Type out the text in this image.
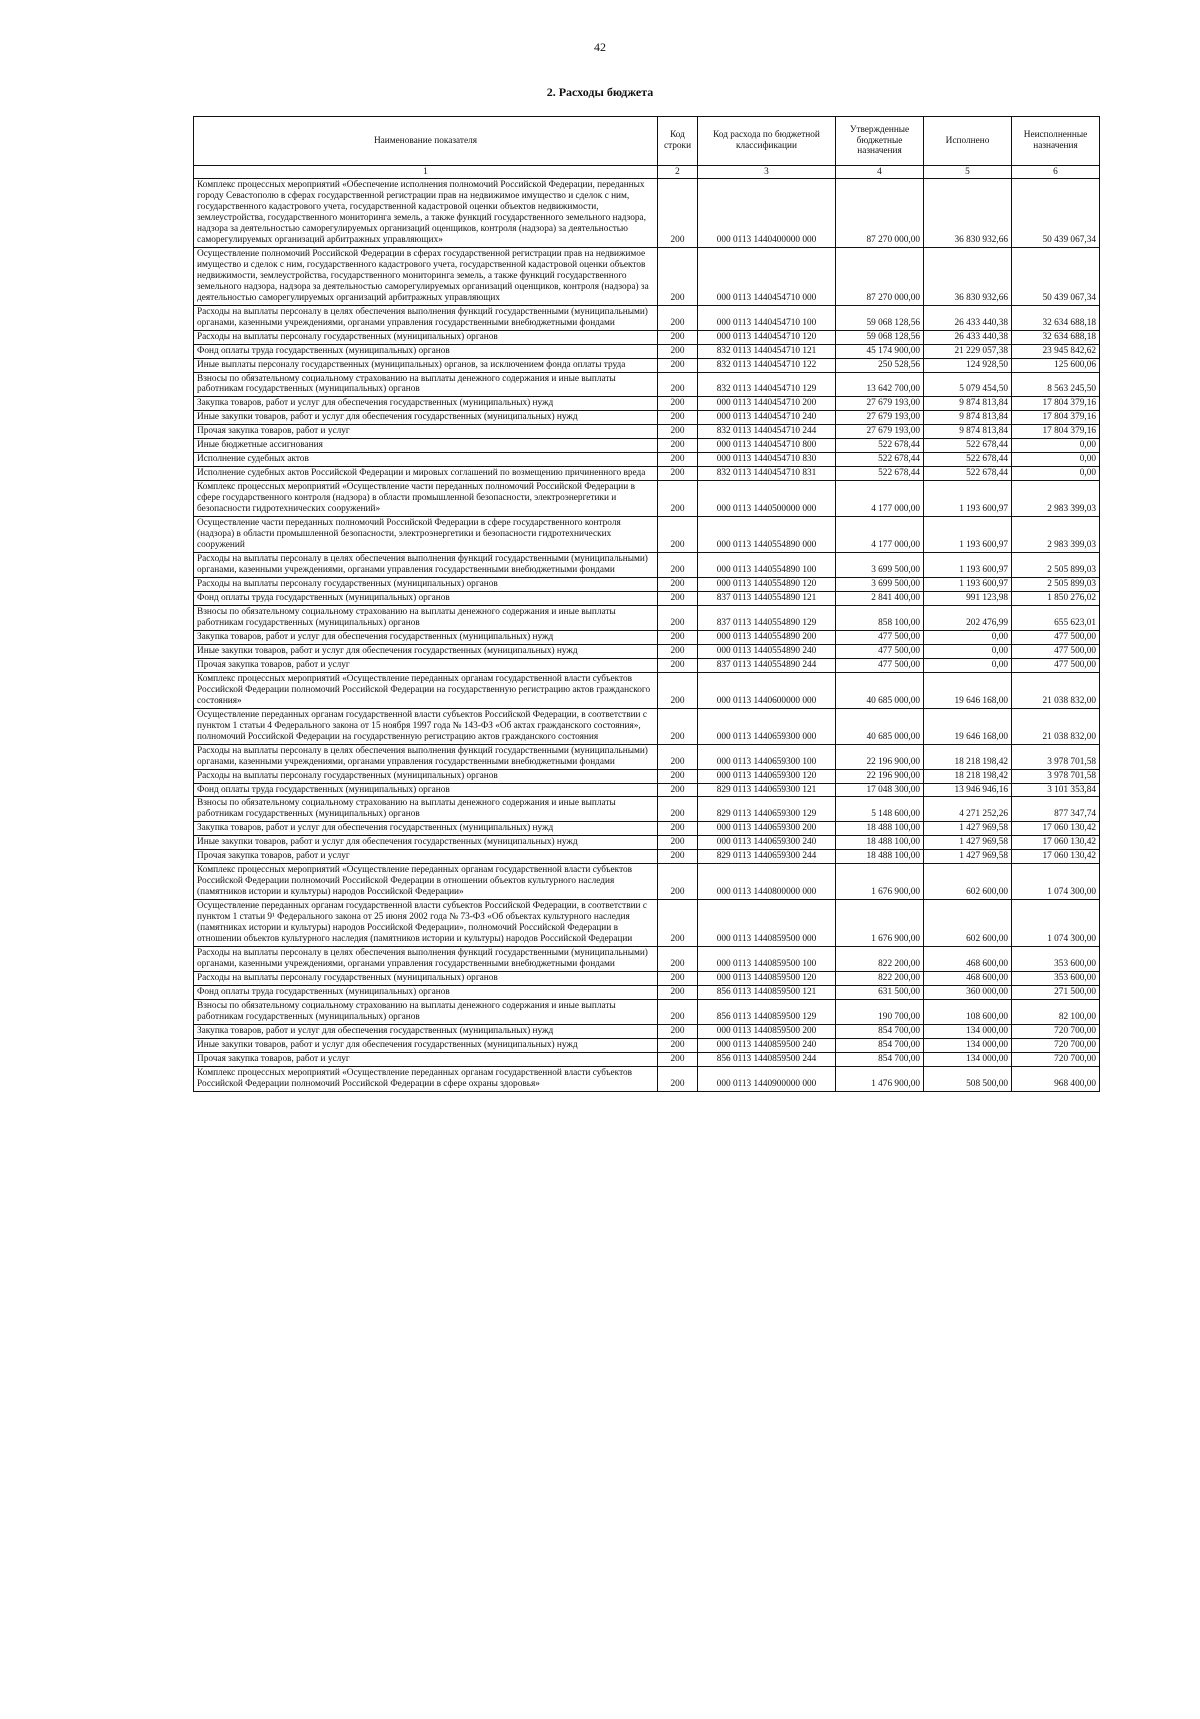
42
2. Расходы бюджета
Наименование показателя	Код строки	Код расхода по бюджетной классификации	Утвержденные бюджетные назначения	Исполнено	Неисполненные назначения
1	2	3	4	5	6
Комплекс процессных мероприятий «Обеспечение исполнения полномочий Российской Федерации, переданных городу Севастополю в сферах государственной регистрации прав на недвижимое имущество и сделок с ним, государственного кадастрового учета, государственной кадастровой оценки объектов недвижимости, землеустройства, государственного мониторинга земель, а также функций государственного земельного надзора, надзора за деятельностью саморегулируемых организаций оценщиков, контроля (надзора) за деятельностью саморегулируемых организаций арбитражных управляющих»	200	000 0113 1440400000 000	87 270 000,00	36 830 932,66	50 439 067,34
Осуществление полномочий Российской Федерации в сферах государственной регистрации прав на недвижимое имущество и сделок с ним, государственного кадастрового учета, государственной кадастровой оценки объектов недвижимости, землеустройства, государственного мониторинга земель, а также функций государственного земельного надзора, надзора за деятельностью саморегулируемых организаций оценщиков, контроля (надзора) за деятельностью саморегулируемых организаций арбитражных управляющих	200	000 0113 1440454710 000	87 270 000,00	36 830 932,66	50 439 067,34
Расходы на выплаты персоналу в целях обеспечения выполнения функций государственными (муниципальными) органами, казенными учреждениями, органами управления государственными внебюджетными фондами	200	000 0113 1440454710 100	59 068 128,56	26 433 440,38	32 634 688,18
Расходы на выплаты персоналу государственных (муниципальных) органов	200	000 0113 1440454710 120	59 068 128,56	26 433 440,38	32 634 688,18
Фонд оплаты труда государственных (муниципальных) органов	200	832 0113 1440454710 121	45 174 900,00	21 229 057,38	23 945 842,62
Иные выплаты персоналу государственных (муниципальных) органов, за исключением фонда оплаты труда	200	832 0113 1440454710 122	250 528,56	124 928,50	125 600,06
Взносы по обязательному социальному страхованию на выплаты денежного содержания и иные выплаты работникам государственных (муниципальных) органов	200	832 0113 1440454710 129	13 642 700,00	5 079 454,50	8 563 245,50
Закупка товаров, работ и услуг для обеспечения государственных (муниципальных) нужд	200	000 0113 1440454710 200	27 679 193,00	9 874 813,84	17 804 379,16
Иные закупки товаров, работ и услуг для обеспечения государственных (муниципальных) нужд	200	000 0113 1440454710 240	27 679 193,00	9 874 813,84	17 804 379,16
Прочая закупка товаров, работ и услуг	200	832 0113 1440454710 244	27 679 193,00	9 874 813,84	17 804 379,16
Иные бюджетные ассигнования	200	000 0113 1440454710 800	522 678,44	522 678,44	0,00
Исполнение судебных актов	200	000 0113 1440454710 830	522 678,44	522 678,44	0,00
Исполнение судебных актов Российской Федерации и мировых соглашений по возмещению причиненного вреда	200	832 0113 1440454710 831	522 678,44	522 678,44	0,00
Комплекс процессных мероприятий «Осуществление части переданных полномочий Российской Федерации в сфере государственного контроля (надзора) в области промышленной безопасности, электроэнергетики и безопасности гидротехнических сооружений»	200	000 0113 1440500000 000	4 177 000,00	1 193 600,97	2 983 399,03
Осуществление части переданных полномочий Российской Федерации в сфере государственного контроля (надзора) в области промышленной безопасности, электроэнергетики и безопасности гидротехнических сооружений	200	000 0113 1440554890 000	4 177 000,00	1 193 600,97	2 983 399,03
Расходы на выплаты персоналу в целях обеспечения выполнения функций государственными (муниципальными) органами, казенными учреждениями, органами управления государственными внебюджетными фондами	200	000 0113 1440554890 100	3 699 500,00	1 193 600,97	2 505 899,03
Расходы на выплаты персоналу государственных (муниципальных) органов	200	000 0113 1440554890 120	3 699 500,00	1 193 600,97	2 505 899,03
Фонд оплаты труда государственных (муниципальных) органов	200	837 0113 1440554890 121	2 841 400,00	991 123,98	1 850 276,02
Взносы по обязательному социальному страхованию на выплаты денежного содержания и иные выплаты работникам государственных (муниципальных) органов	200	837 0113 1440554890 129	858 100,00	202 476,99	655 623,01
Закупка товаров, работ и услуг для обеспечения государственных (муниципальных) нужд	200	000 0113 1440554890 200	477 500,00	0,00	477 500,00
Иные закупки товаров, работ и услуг для обеспечения государственных (муниципальных) нужд	200	000 0113 1440554890 240	477 500,00	0,00	477 500,00
Прочая закупка товаров, работ и услуг	200	837 0113 1440554890 244	477 500,00	0,00	477 500,00
Комплекс процессных мероприятий «Осуществление переданных органам государственной власти субъектов Российской Федерации полномочий Российской Федерации на государственную регистрацию актов гражданского состояния»	200	000 0113 1440600000 000	40 685 000,00	19 646 168,00	21 038 832,00
Осуществление переданных органам государственной власти субъектов Российской Федерации, в соответствии с пунктом 1 статьи 4 Федерального закона от 15 ноября 1997 года № 143-ФЗ «Об актах гражданского состояния», полномочий Российской Федерации на государственную регистрацию актов гражданского состояния	200	000 0113 1440659300 000	40 685 000,00	19 646 168,00	21 038 832,00
Расходы на выплаты персоналу в целях обеспечения выполнения функций государственными (муниципальными) органами, казенными учреждениями, органами управления государственными внебюджетными фондами	200	000 0113 1440659300 100	22 196 900,00	18 218 198,42	3 978 701,58
Расходы на выплаты персоналу государственных (муниципальных) органов	200	000 0113 1440659300 120	22 196 900,00	18 218 198,42	3 978 701,58
Фонд оплаты труда государственных (муниципальных) органов	200	829 0113 1440659300 121	17 048 300,00	13 946 946,16	3 101 353,84
Взносы по обязательному социальному страхованию на выплаты денежного содержания и иные выплаты работникам государственных (муниципальных) органов	200	829 0113 1440659300 129	5 148 600,00	4 271 252,26	877 347,74
Закупка товаров, работ и услуг для обеспечения государственных (муниципальных) нужд	200	000 0113 1440659300 200	18 488 100,00	1 427 969,58	17 060 130,42
Иные закупки товаров, работ и услуг для обеспечения государственных (муниципальных) нужд	200	000 0113 1440659300 240	18 488 100,00	1 427 969,58	17 060 130,42
Прочая закупка товаров, работ и услуг	200	829 0113 1440659300 244	18 488 100,00	1 427 969,58	17 060 130,42
Комплекс процессных мероприятий «Осуществление переданных органам государственной власти субъектов Российской Федерации полномочий Российской Федерации в отношении объектов культурного наследия (памятников истории и культуры) народов Российской Федерации»	200	000 0113 1440800000 000	1 676 900,00	602 600,00	1 074 300,00
Осуществление переданных органам государственной власти субъектов Российской Федерации, в соответствии с пунктом 1 статьи 9¹ Федерального закона от 25 июня 2002 года № 73-ФЗ «Об объектах культурного наследия (памятниках истории и культуры) народов Российской Федерации», полномочий Российской Федерации в отношении объектов культурного наследия (памятников истории и культуры) народов Российской Федерации	200	000 0113 1440859500 000	1 676 900,00	602 600,00	1 074 300,00
Расходы на выплаты персоналу в целях обеспечения выполнения функций государственными (муниципальными) органами, казенными учреждениями, органами управления государственными внебюджетными фондами	200	000 0113 1440859500 100	822 200,00	468 600,00	353 600,00
Расходы на выплаты персоналу государственных (муниципальных) органов	200	000 0113 1440859500 120	822 200,00	468 600,00	353 600,00
Фонд оплаты труда государственных (муниципальных) органов	200	856 0113 1440859500 121	631 500,00	360 000,00	271 500,00
Взносы по обязательному социальному страхованию на выплаты денежного содержания и иные выплаты работникам государственных (муниципальных) органов	200	856 0113 1440859500 129	190 700,00	108 600,00	82 100,00
Закупка товаров, работ и услуг для обеспечения государственных (муниципальных) нужд	200	000 0113 1440859500 200	854 700,00	134 000,00	720 700,00
Иные закупки товаров, работ и услуг для обеспечения государственных (муниципальных) нужд	200	000 0113 1440859500 240	854 700,00	134 000,00	720 700,00
Прочая закупка товаров, работ и услуг	200	856 0113 1440859500 244	854 700,00	134 000,00	720 700,00
Комплекс процессных мероприятий «Осуществление переданных органам государственной власти субъектов Российской Федерации полномочий Российской Федерации в сфере охраны здоровья»	200	000 0113 1440900000 000	1 476 900,00	508 500,00	968 400,00
